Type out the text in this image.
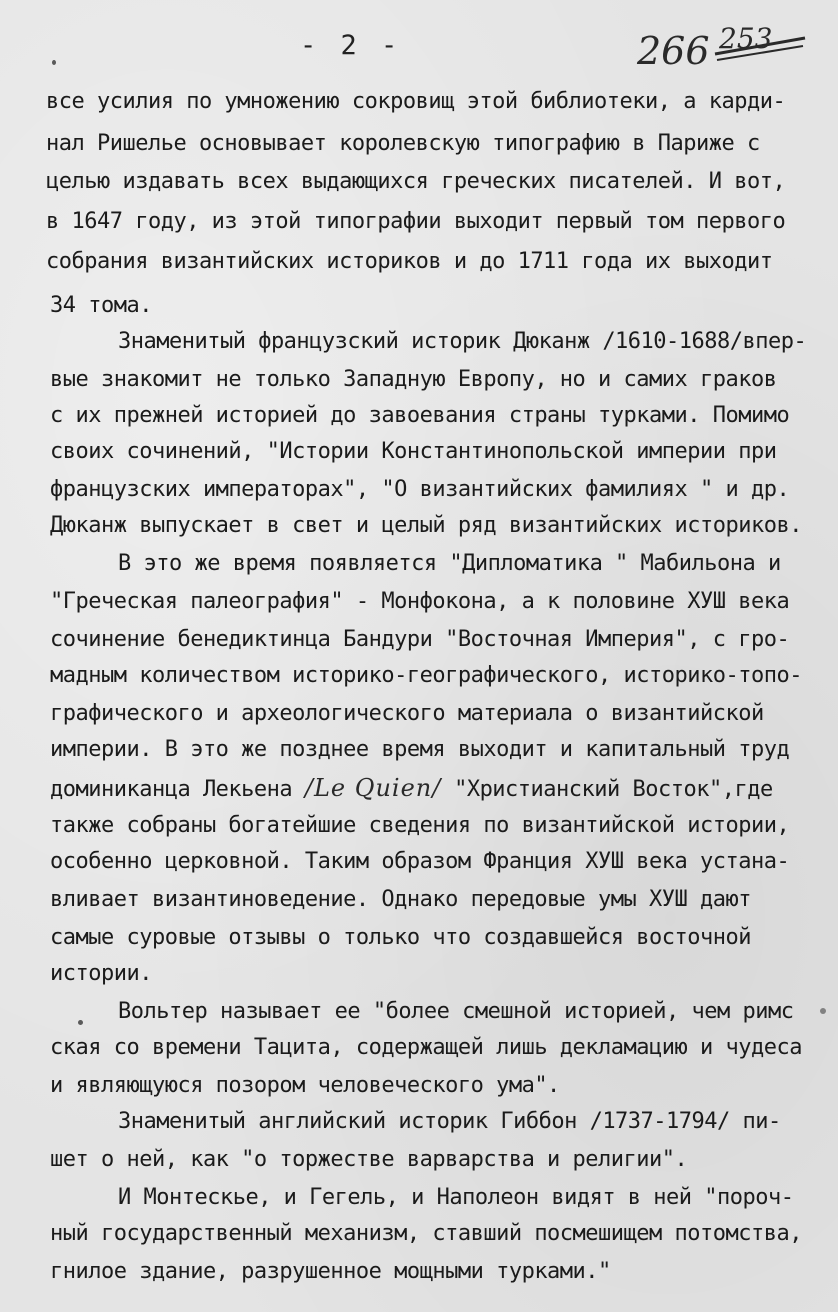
- 2 -	266 253
все усилия по умножению сокровищ этой библиотеки, а карди-
нал Ришелье основывает королевскую типографию в Париже с
целью издавать всех выдающихся греческих писателей. И вот,
в 1647 году, из этой типографии выходит первый том первого
собрания византийских историков и до 1711 года их выходит
34 тома.
Знаменитый французский историк Дюканж /1610-1688/впер-
вые знакомит не только Западную Европу, но и самих граков
с их прежней историей до завоевания страны турками. Помимо
своих сочинений, "Истории Константинопольской империи при
французских императорах", "О византийских фамилиях " и др.
Дюканж выпускает в свет и целый ряд византийских историков.
В это же время появляется "Дипломатика " Мабильона и
"Греческая палеография" - Монфокона, а к половине ХУШ века
сочинение бенедиктинца Бандури "Восточная Империя", с гро-
мадным количеством историко-географического, историко-топо-
графического и археологического материала о византийской
империи. В это же позднее время выходит и капитальный труд
доминиканца Лекьена /Le Quien/ "Христианский Восток",где
также собраны богатейшие сведения по византийской истории,
особенно церковной. Таким образом Франция ХУШ века устана-
вливает византиноведение. Однако передовые умы ХУШ дают
самые суровые отзывы о только что создавшейся восточной
истории.
Вольтер называет ее "более смешной историей, чем римс
ская со времени Тацита, содержащей лишь декламацию и чудеса
и являющуюся позором человеческого ума".
Знаменитый английский историк Гиббон /1737-1794/ пи-
шет о ней, как "о торжестве варварства и религии".
И Монтескье, и Гегель, и Наполеон видят в ней "пороч-
ный государственный механизм, ставший посмешищем потомства,
гнилое здание, разрушенное мощными турками."
